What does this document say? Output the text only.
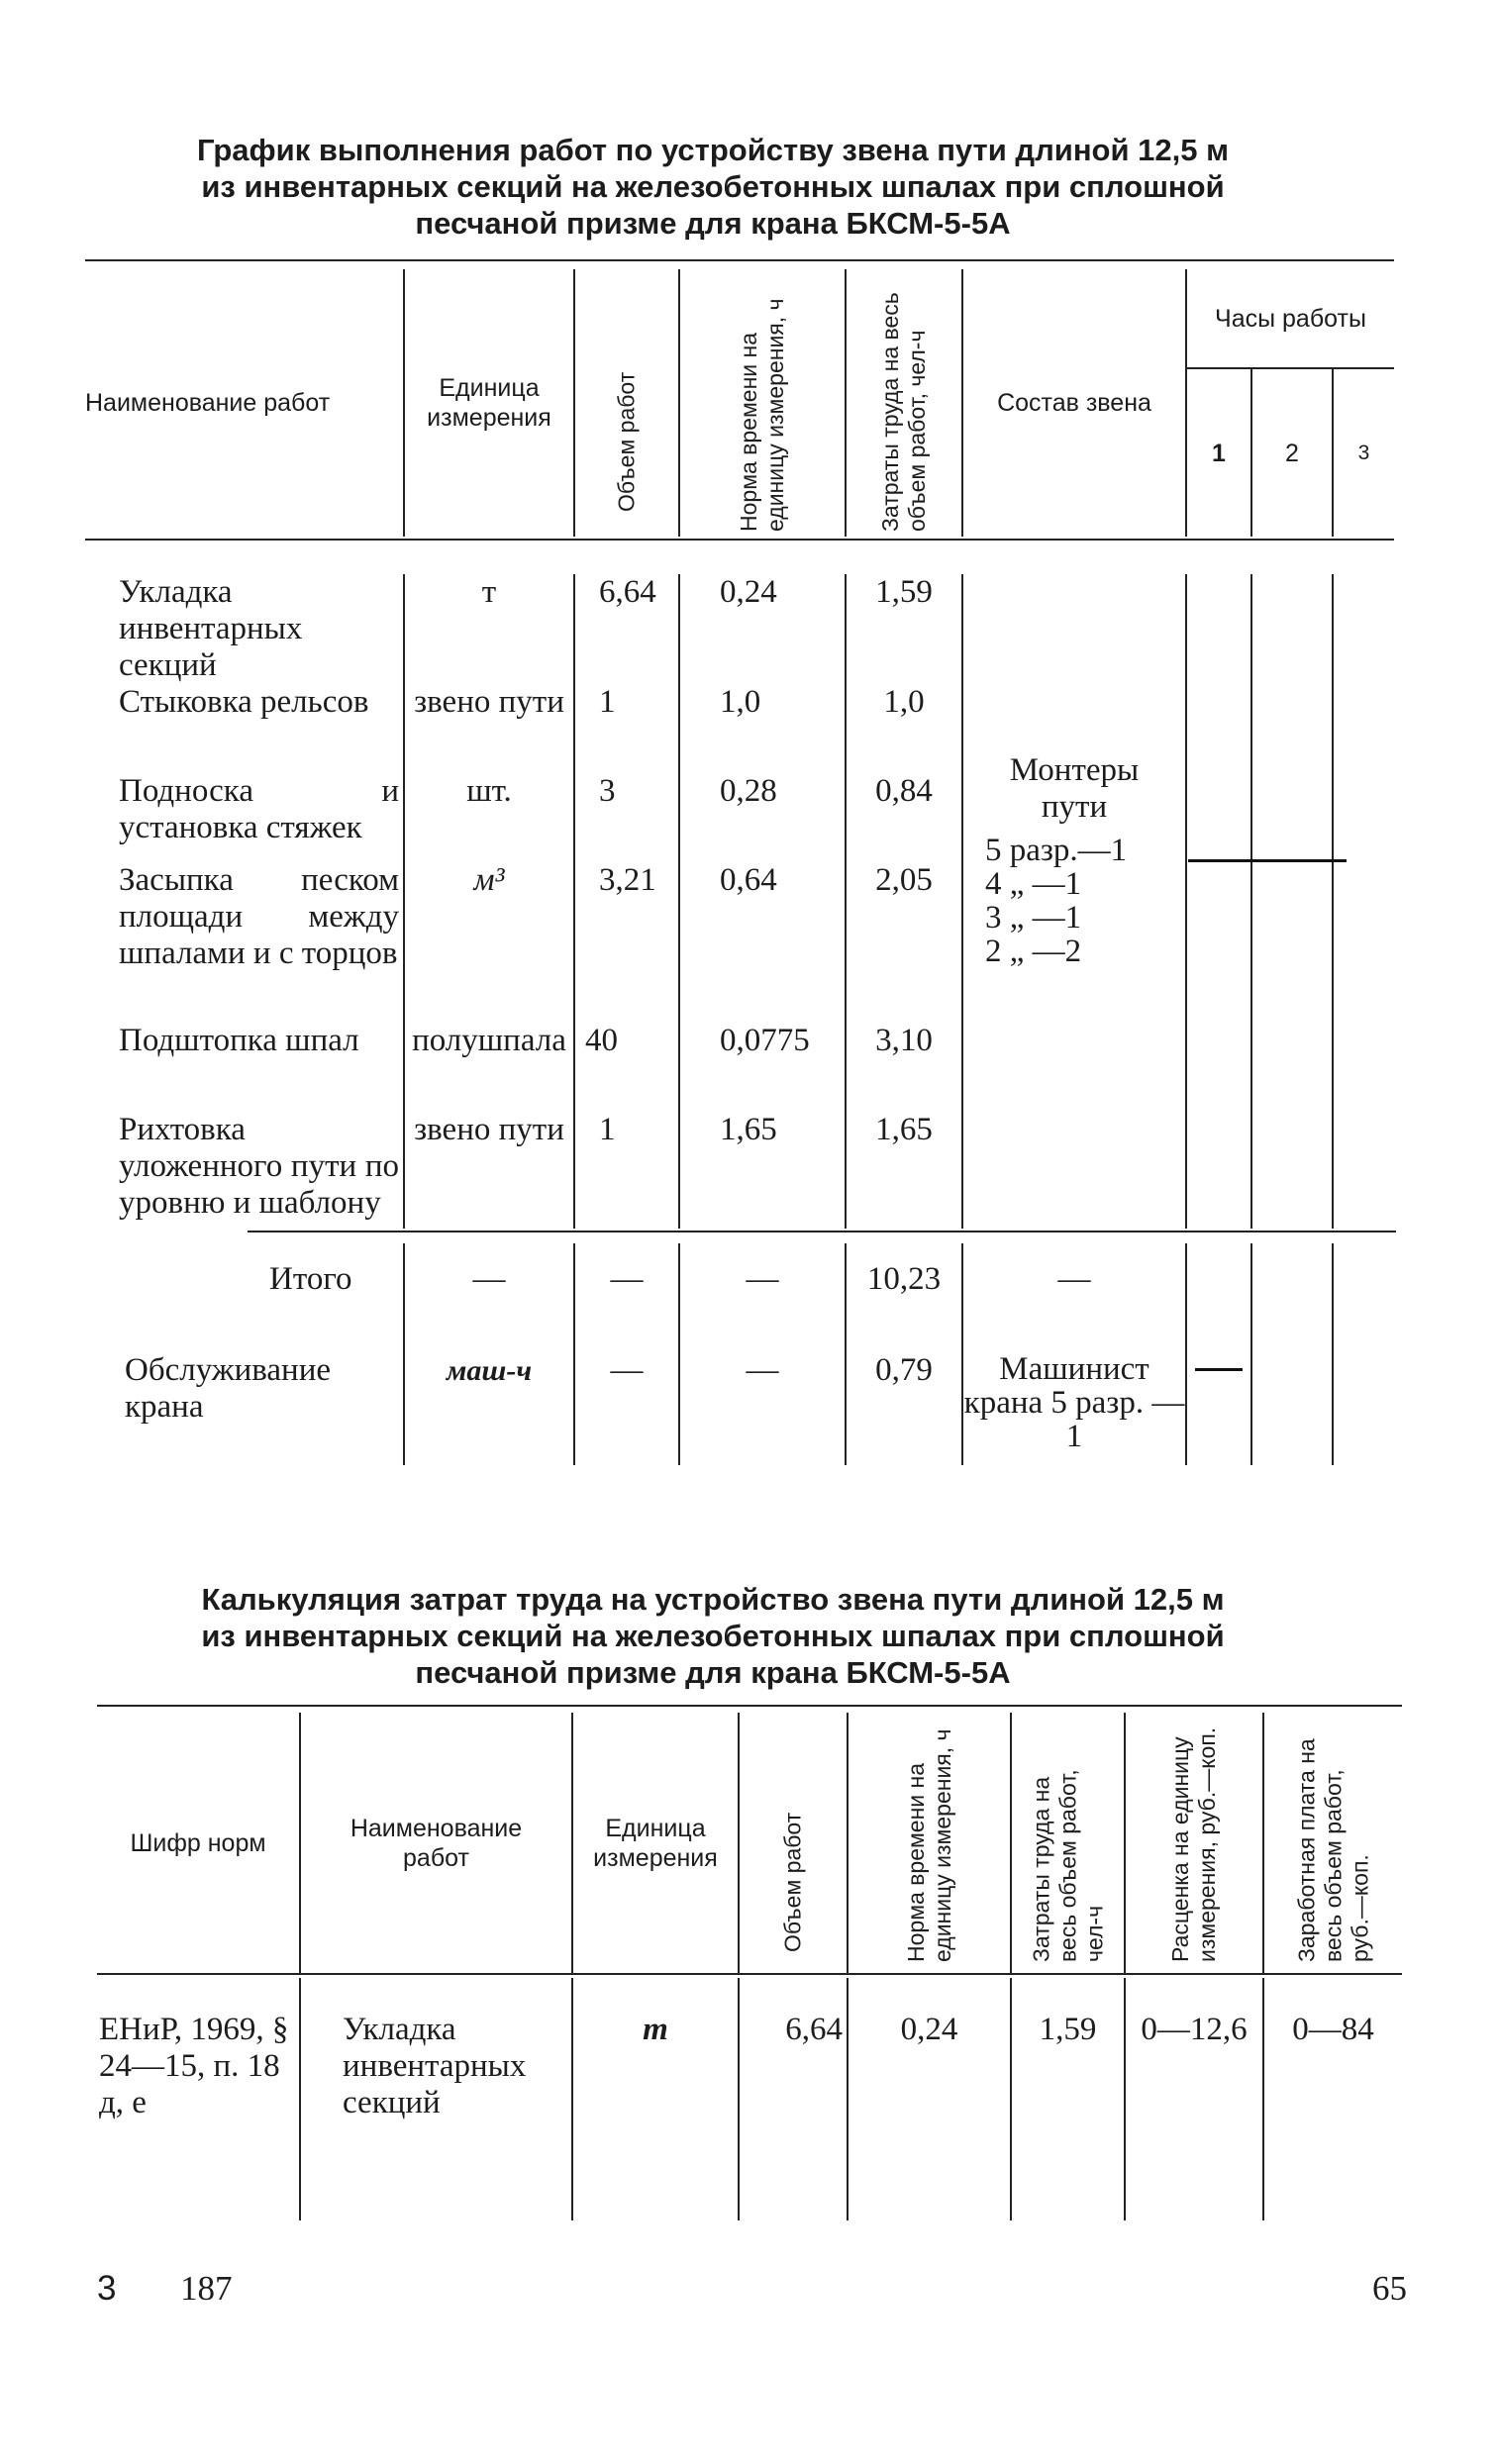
График выполнения работ по устройству звена пути длиной 12,5 м
из инвентарных секций на железобетонных шпалах при сплошной
песчаной призме для крана БКСМ-5-5А
Наименование работ	Единица измерения	Объем работ	Норма времени на единицу измерения, ч	Затраты труда на весь объем работ, чел-ч	Состав звена	Часы работы		
						1	2	3
Укладка инвентарных секций	т	6,64	0,24	1,59	Монтеры пути
5 разр.—1
4 „ —1
3 „ —1
2 „ —2			

Стыковка рельсов	звено пути	1	1,0	1,0				
Подноска и установка стяжек	шт.	3	0,28	0,84				
Засыпка песком площади между шпалами и с торцов	м³	3,21	0,64	2,05				
Подштопка шпал	полушпала	40	0,0775	3,10				
Рихтовка уложенного пути по уровню и шаблону	звено пути	1	1,65	1,65				
Итого	—	—	—	10,23	—			
Обслуживание крана	маш-ч	—	—	0,79	Машинист крана 5 разр. —1	

Калькуляция затрат труда на устройство звена пути длиной 12,5 м
из инвентарных секций на железобетонных шпалах при сплошной
песчаной призме для крана БКСМ-5-5А
Шифр норм	Наименование работ	Единица измерения	Объем работ	Норма времени на единицу измерения, ч	Затраты труда на весь объем работ, чел-ч	Расценка на единицу измерения, руб.—коп.	Заработная плата на весь объем работ, руб.—коп.

ЕНиР, 1969, § 24—15, п. 18 д, е	Укладка инвентарных секций	т	6,64	0,24	1,59	0—12,6	0—84
3 187	65
